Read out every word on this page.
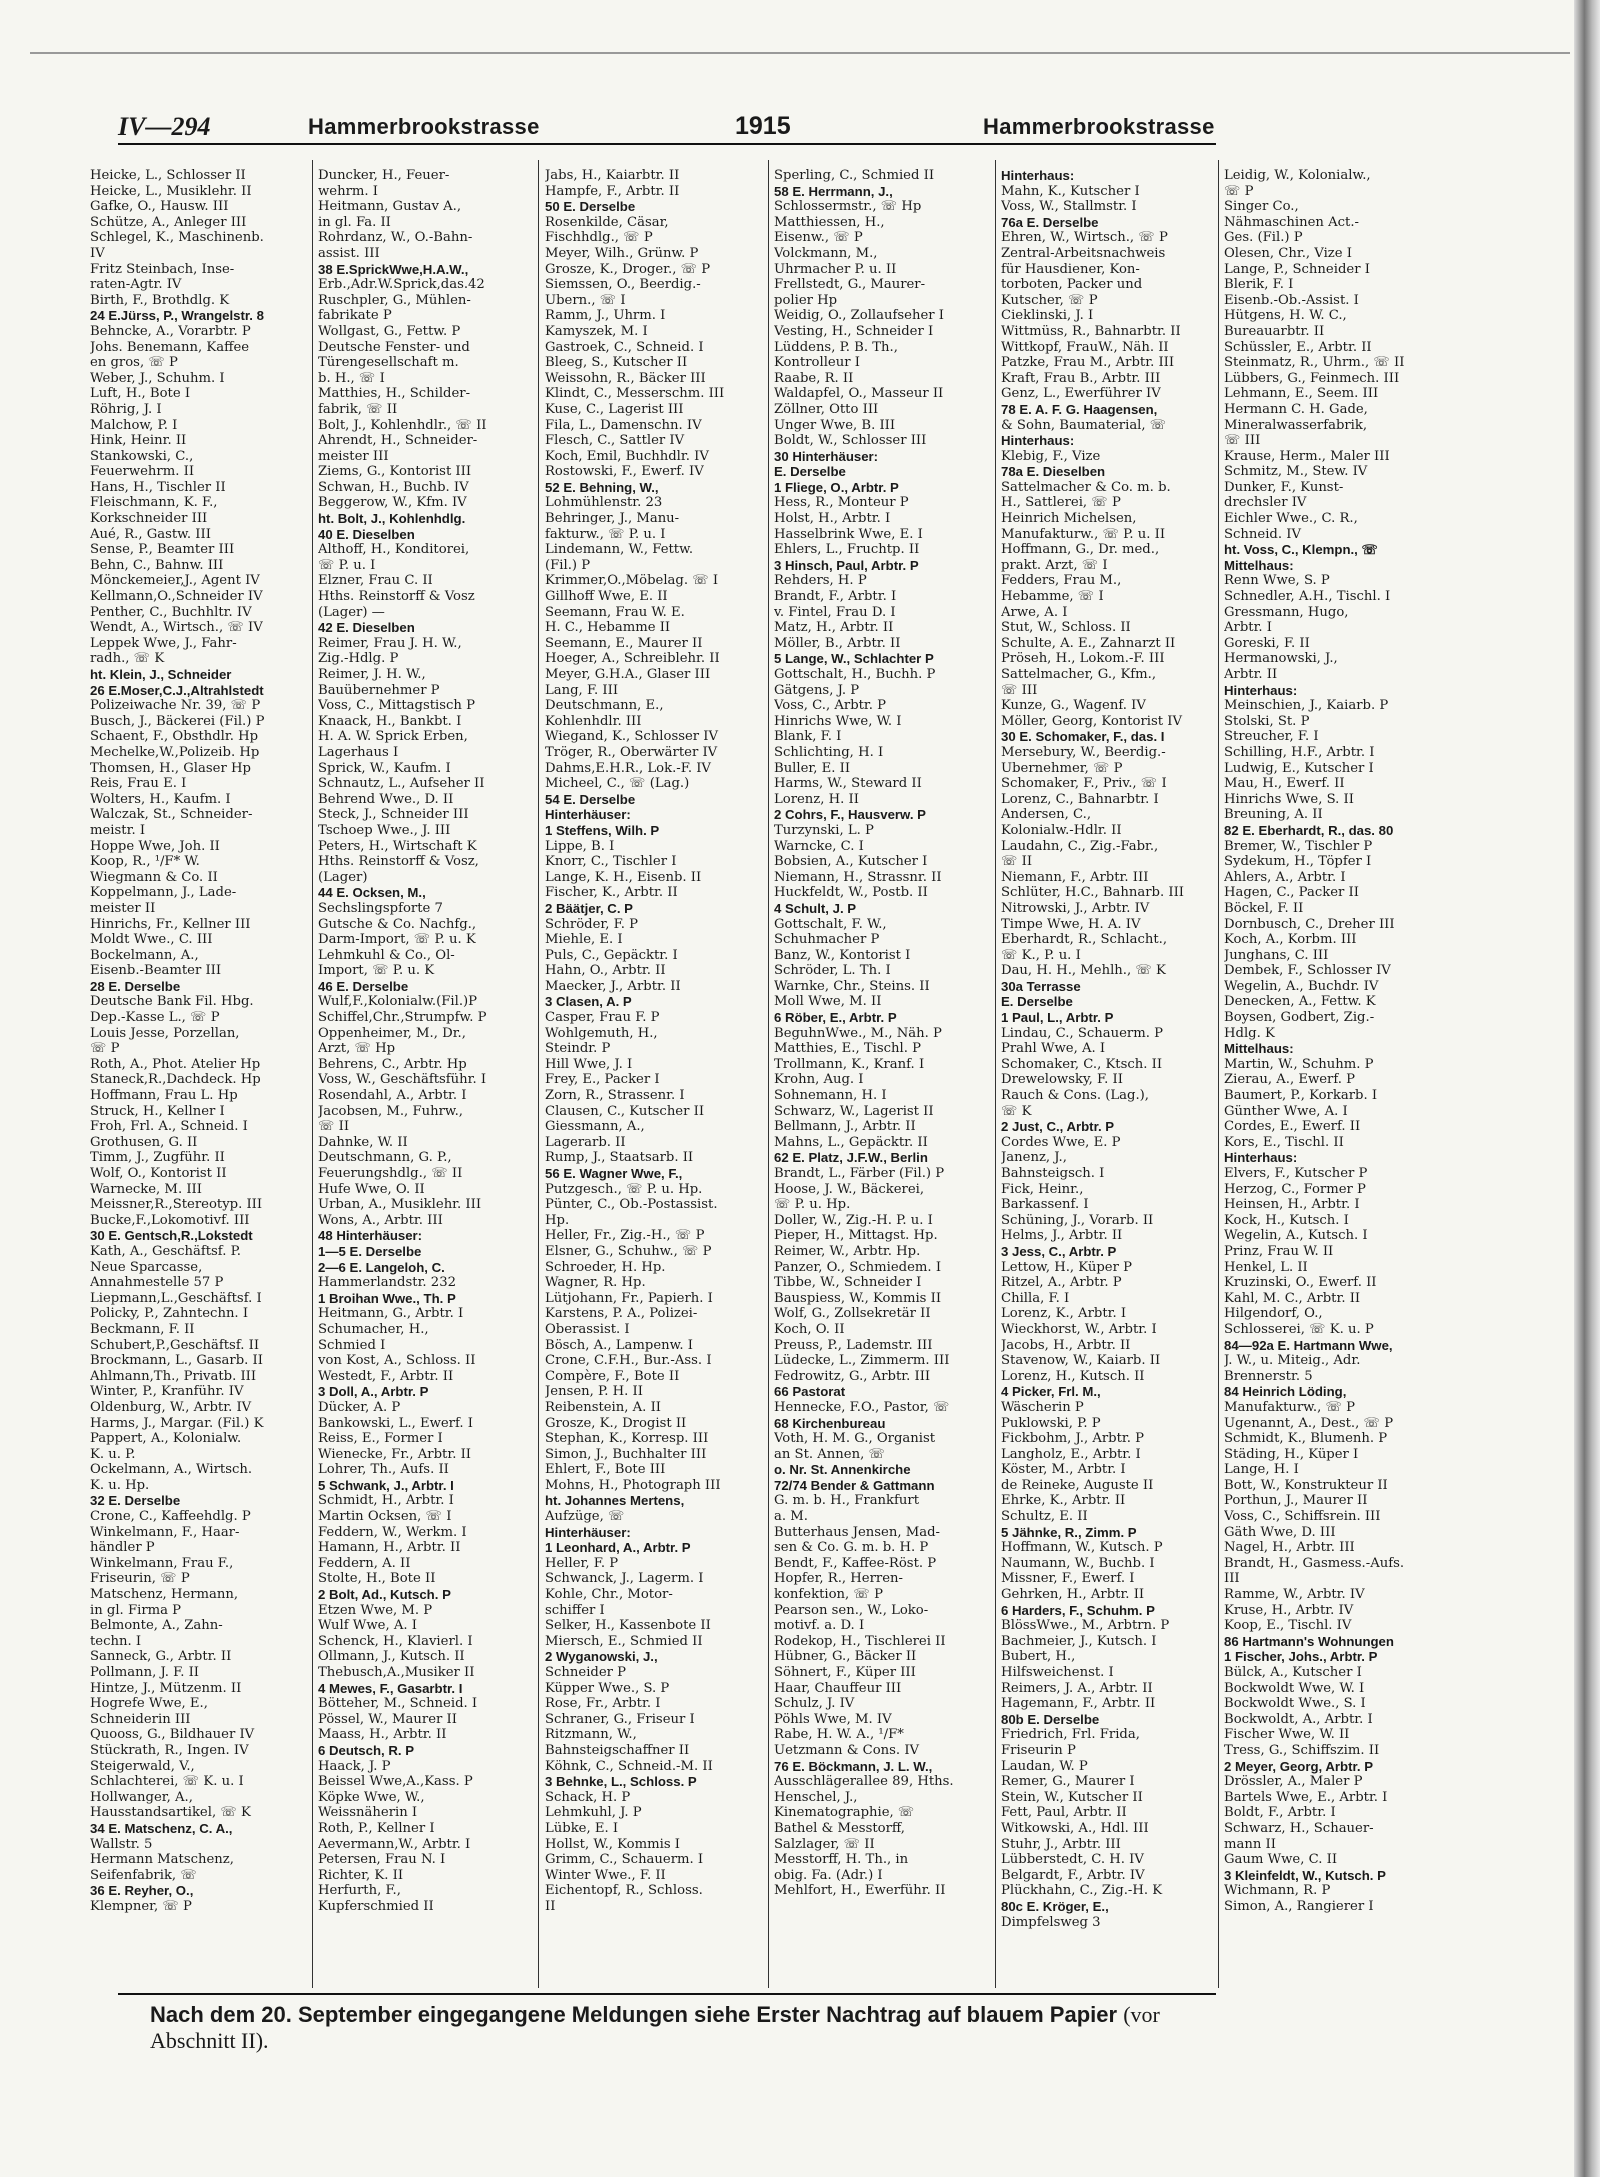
IV—294	Hammerbrookstrasse	1915	Hammerbrookstrasse
Heicke, L., Schlosser II
Heicke, L., Musiklehr. II
Gafke, O., Hausw. III
Schütze, A., Anleger III
Schlegel, K., Maschinenb.
IV
Fritz Steinbach, Inse-
raten-Agtr. IV
Birth, F., Brothdlg. K
24 E.Jürss, P., Wrangelstr. 8
Behncke, A., Vorarbtr. P
Johs. Benemann, Kaffee
en gros, ☏ P
Weber, J., Schuhm. I
Luft, H., Bote I
Röhrig, J. I
Malchow, P. I
Hink, Heinr. II
Stankowski, C.,
Feuerwehrm. II
Hans, H., Tischler II
Fleischmann, K. F.,
Korkschneider III
Aué, R., Gastw. III
Sense, P., Beamter III
Behn, C., Bahnw. III
Mönckemeier,J., Agent IV
Kellmann,O.,Schneider IV
Penther, C., Buchhltr. IV
Wendt, A., Wirtsch., ☏ IV
Leppek Wwe, J., Fahr-
radh., ☏ K
ht. Klein, J., Schneider
26 E.Moser,C.J.,Altrahlstedt
Polizeiwache Nr. 39, ☏ P
Busch, J., Bäckerei (Fil.) P
Schaent, F., Obsthdlr. Hp
Mechelke,W.,Polizeib. Hp
Thomsen, H., Glaser Hp
Reis, Frau E. I
Wolters, H., Kaufm. I
Walczak, St., Schneider-
meistr. I
Hoppe Wwe, Joh. II
Koop, R., ¹/F* W.
Wiegmann & Co. II
Koppelmann, J., Lade-
meister II
Hinrichs, Fr., Kellner III
Moldt Wwe., C. III
Bockelmann, A.,
Eisenb.-Beamter III
28 E. Derselbe
Deutsche Bank Fil. Hbg.
Dep.-Kasse L., ☏ P
Louis Jesse, Porzellan,
☏ P
Roth, A., Phot. Atelier Hp
Staneck,R.,Dachdeck. Hp
Hoffmann, Frau L. Hp
Struck, H., Kellner I
Froh, Frl. A., Schneid. I
Grothusen, G. II
Timm, J., Zugführ. II
Wolf, O., Kontorist II
Warnecke, M. III
Meissner,R.,Stereotyp. III
Bucke,F.,Lokomotivf. III
30 E. Gentsch,R.,Lokstedt
Kath, A., Geschäftsf. P.
Neue Sparcasse,
Annahmestelle 57 P
Liepmann,L.,Geschäftsf. I
Policky, P., Zahntechn. I
Beckmann, F. II
Schubert,P.,Geschäftsf. II
Brockmann, L., Gasarb. II
Ahlmann,Th., Privatb. III
Winter, P., Kranführ. IV
Oldenburg, W., Arbtr. IV
Harms, J., Margar. (Fil.) K
Pappert, A., Kolonialw.
K. u. P.
Ockelmann, A., Wirtsch.
K. u. Hp.
32 E. Derselbe
Crone, C., Kaffeehdlg. P
Winkelmann, F., Haar-
händler P
Winkelmann, Frau F.,
Friseurin, ☏ P
Matschenz, Hermann,
in gl. Firma P
Belmonte, A., Zahn-
techn. I
Sanneck, G., Arbtr. II
Pollmann, J. F. II
Hintze, J., Mützenm. II
Hogrefe Wwe, E.,
Schneiderin III
Quooss, G., Bildhauer IV
Stückrath, R., Ingen. IV
Steigerwald, V.,
Schlachterei, ☏ K. u. I
Hollwanger, A.,
Hausstandsartikel, ☏ K
34 E. Matschenz, C. A.,
Wallstr. 5
Hermann Matschenz,
Seifenfabrik, ☏
36 E. Reyher, O.,
Klempner, ☏ P
Duncker, H., Feuer-
wehrm. I
Heitmann, Gustav A.,
in gl. Fa. II
Rohrdanz, W., O.-Bahn-
assist. III
38 E.SprickWwe,H.A.W.,
Erb.,Adr.W.Sprick,das.42
Ruschpler, G., Mühlen-
fabrikate P
Wollgast, G., Fettw. P
Deutsche Fenster- und
Türengesellschaft m.
b. H., ☏ I
Matthies, H., Schilder-
fabrik, ☏ II
Bolt, J., Kohlenhdlr., ☏ II
Ahrendt, H., Schneider-
meister III
Ziems, G., Kontorist III
Schwan, H., Buchb. IV
Beggerow, W., Kfm. IV
ht. Bolt, J., Kohlenhdlg.
40 E. Dieselben
Althoff, H., Konditorei,
☏ P. u. I
Elzner, Frau C. II
Hths. Reinstorff & Vosz
(Lager) —
42 E. Dieselben
Reimer, Frau J. H. W.,
Zig.-Hdlg. P
Reimer, J. H. W.,
Bauübernehmer P
Voss, C., Mittagstisch P
Knaack, H., Bankbt. I
H. A. W. Sprick Erben,
Lagerhaus I
Sprick, W., Kaufm. I
Schnautz, L., Aufseher II
Behrend Wwe., D. II
Steck, J., Schneider III
Tschoep Wwe., J. III
Peters, H., Wirtschaft K
Hths. Reinstorff & Vosz,
(Lager)
44 E. Ocksen, M.,
Sechslingspforte 7
Gutsche & Co. Nachfg.,
Darm-Import, ☏ P. u. K
Lehmkuhl & Co., Öl-
Import, ☏ P. u. K
46 E. Derselbe
Wulf,F.,Kolonialw.(Fil.)P
Schiffel,Chr.,Strumpfw. P
Oppenheimer, M., Dr.,
Arzt, ☏ Hp
Behrens, C., Arbtr. Hp
Voss, W., Geschäftsführ. I
Rosendahl, A., Arbtr. I
Jacobsen, M., Fuhrw.,
☏ II
Dahnke, W. II
Deutschmann, G. P.,
Feuerungshdlg., ☏ II
Hufe Wwe, O. II
Urban, A., Musiklehr. III
Wons, A., Arbtr. III
48 Hinterhäuser:
1—5 E. Derselbe
2—6 E. Langeloh, C.
Hammerlandstr. 232
1 Broihan Wwe., Th. P
Heitmann, G., Arbtr. I
Schumacher, H.,
Schmied I
von Kost, A., Schloss. II
Westedt, F., Arbtr. II
3 Doll, A., Arbtr. P
Dücker, A. P
Bankowski, L., Ewerf. I
Reiss, E., Former I
Wienecke, Fr., Arbtr. II
Lohrer, Th., Aufs. II
5 Schwank, J., Arbtr. I
Schmidt, H., Arbtr. I
Martin Ocksen, ☏ I
Feddern, W., Werkm. I
Hamann, H., Arbtr. II
Feddern, A. II
Stolte, H., Bote II
2 Bolt, Ad., Kutsch. P
Etzen Wwe, M. P
Wulf Wwe, A. I
Schenck, H., Klavierl. I
Ollmann, J., Kutsch. II
Thebusch,A.,Musiker II
4 Mewes, F., Gasarbtr. I
Bötteher, M., Schneid. I
Pössel, W., Maurer II
Maass, H., Arbtr. II
6 Deutsch, R. P
Haack, J. P
Beissel Wwe,A.,Kass. P
Köpke Wwe, W.,
Weissnäherin I
Roth, P., Kellner I
Aevermann,W., Arbtr. I
Petersen, Frau N. I
Richter, K. II
Herfurth, F.,
Kupferschmied II
Jabs, H., Kaiarbtr. II
Hampfe, F., Arbtr. II
50 E. Derselbe
Rosenkilde, Cäsar,
Fischhdlg., ☏ P
Meyer, Wilh., Grünw. P
Grosze, K., Droger., ☏ P
Siemssen, O., Beerdig.-
Übern., ☏ I
Ramm, J., Uhrm. I
Kamyszek, M. I
Gastroek, C., Schneid. I
Bleeg, S., Kutscher II
Weissohn, R., Bäcker III
Klindt, C., Messerschm. III
Kuse, C., Lagerist III
Fila, L., Damenschn. IV
Flesch, C., Sattler IV
Koch, Emil, Buchhdlr. IV
Rostowski, F., Ewerf. IV
52 E. Behning, W.,
Lohmühlenstr. 23
Behringer, J., Manu-
fakturw., ☏ P. u. I
Lindemann, W., Fettw.
(Fil.) P
Krimmer,O.,Möbelag. ☏ I
Gillhoff Wwe, E. II
Seemann, Frau W. E.
H. C., Hebamme II
Seemann, E., Maurer II
Hoeger, A., Schreiblehr. II
Meyer, G.H.A., Glaser III
Lang, F. III
Deutschmann, E.,
Kohlenhdlr. III
Wiegand, K., Schlosser IV
Tröger, R., Oberwärter IV
Dahms,E.H.R., Lok.-F. IV
Micheel, C., ☏ (Lag.)
54 E. Derselbe
Hinterhäuser:
1 Steffens, Wilh. P
Lippe, B. I
Knorr, C., Tischler I
Lange, K. H., Eisenb. II
Fischer, K., Arbtr. II
2 Bäätjer, C. P
Schröder, F. P
Miehle, E. I
Puls, C., Gepäcktr. I
Hahn, O., Arbtr. II
Maecker, J., Arbtr. II
3 Clasen, A. P
Casper, Frau F. P
Wohlgemuth, H.,
Steindr. P
Hill Wwe, J. I
Frey, E., Packer I
Zorn, R., Strassenr. I
Clausen, C., Kutscher II
Giessmann, A.,
Lagerarb. II
Rump, J., Staatsarb. II
56 E. Wagner Wwe, F.,
Putzgesch., ☏ P. u. Hp.
Pünter, C., Ob.-Postassist.
Hp.
Heller, Fr., Zig.-H., ☏ P
Elsner, G., Schuhw., ☏ P
Schroeder, H. Hp.
Wagner, R. Hp.
Lütjohann, Fr., Papierh. I
Karstens, P. A., Polizei-
Oberassist. I
Bösch, A., Lampenw. I
Crone, C.F.H., Bur.-Ass. I
Compère, F., Bote II
Jensen, P. H. II
Reibenstein, A. II
Grosze, K., Drogist II
Stephan, K., Korresp. III
Simon, J., Buchhalter III
Ehlert, F., Bote III
Mohns, H., Photograph III
ht. Johannes Mertens,
Aufzüge, ☏
Hinterhäuser:
1 Leonhard, A., Arbtr. P
Heller, F. P
Schwanck, J., Lagerm. I
Kohle, Chr., Motor-
schiffer I
Selker, H., Kassenbote II
Miersch, E., Schmied II
2 Wyganowski, J.,
Schneider P
Küpper Wwe., S. P
Rose, Fr., Arbtr. I
Schraner, G., Friseur I
Ritzmann, W.,
Bahnsteigschaffner II
Köhnk, C., Schneid.-M. II
3 Behnke, L., Schloss. P
Schack, H. P
Lehmkuhl, J. P
Lübke, E. I
Hollst, W., Kommis I
Grimm, C., Schauerm. I
Winter Wwe., F. II
Eichentopf, R., Schloss.
II
Sperling, C., Schmied II
58 E. Herrmann, J.,
Schlossermstr., ☏ Hp
Matthiessen, H.,
Eisenw., ☏ P
Volckmann, M.,
Uhrmacher P. u. II
Frellstedt, G., Maurer-
polier Hp
Weidig, O., Zollaufseher I
Vesting, H., Schneider I
Lüddens, P. B. Th.,
Kontrolleur I
Raabe, R. II
Waldapfel, O., Masseur II
Zöllner, Otto III
Unger Wwe, B. III
Boldt, W., Schlosser III
30 Hinterhäuser:
E. Derselbe
1 Fliege, O., Arbtr. P
Hess, R., Monteur P
Holst, H., Arbtr. I
Hasselbrink Wwe, E. I
Ehlers, L., Fruchtp. II
3 Hinsch, Paul, Arbtr. P
Rehders, H. P
Brandt, F., Arbtr. I
v. Fintel, Frau D. I
Matz, H., Arbtr. II
Möller, B., Arbtr. II
5 Lange, W., Schlachter P
Gottschalt, H., Buchh. P
Gätgens, J. P
Voss, C., Arbtr. P
Hinrichs Wwe, W. I
Blank, F. I
Schlichting, H. I
Buller, E. II
Harms, W., Steward II
Lorenz, H. II
2 Cohrs, F., Hausverw. P
Turzynski, L. P
Warncke, C. I
Bobsien, A., Kutscher I
Niemann, H., Strassnr. II
Huckfeldt, W., Postb. II
4 Schult, J. P
Gottschalt, F. W.,
Schuhmacher P
Banz, W., Kontorist I
Schröder, L. Th. I
Warnke, Chr., Steins. II
Moll Wwe, M. II
6 Röber, E., Arbtr. P
BeguhnWwe., M., Näh. P
Matthies, E., Tischl. P
Trollmann, K., Kranf. I
Krohn, Aug. I
Sohnemann, H. I
Schwarz, W., Lagerist II
Bellmann, J., Arbtr. II
Mahns, L., Gepäcktr. II
62 E. Platz, J.F.W., Berlin
Brandt, L., Färber (Fil.) P
Hoose, J. W., Bäckerei,
☏ P. u. Hp.
Doller, W., Zig.-H. P. u. I
Pieper, H., Mittagst. Hp.
Reimer, W., Arbtr. Hp.
Panzer, O., Schmiedem. I
Tibbe, W., Schneider I
Bauspiess, W., Kommis II
Wolf, G., Zollsekretär II
Koch, O. II
Preuss, P., Lademstr. III
Lüdecke, L., Zimmerm. III
Fedrowitz, G., Arbtr. III
66 Pastorat
Hennecke, F.O., Pastor, ☏
68 Kirchenbureau
Voth, H. M. G., Organist
an St. Annen, ☏
o. Nr. St. Annenkirche
72/74 Bender & Gattmann
G. m. b. H., Frankfurt
a. M.
Butterhaus Jensen, Mad-
sen & Co. G. m. b. H. P
Bendt, F., Kaffee-Röst. P
Hopfer, R., Herren-
konfektion, ☏ P
Pearson sen., W., Loko-
motivf. a. D. I
Rodekop, H., Tischlerei II
Hübner, G., Bäcker II
Söhnert, F., Küper III
Haar, Chauffeur III
Schulz, J. IV
Pöhls Wwe, M. IV
Rabe, H. W. A., ¹/F*
Uetzmann & Cons. IV
76 E. Böckmann, J. L. W.,
Ausschlägerallee 89, Hths.
Henschel, J.,
Kinematographie, ☏
Bathel & Messtorff,
Salzlager, ☏ II
Messtorff, H. Th., in
obig. Fa. (Adr.) I
Mehlfort, H., Ewerführ. II
Hinterhaus:
Mahn, K., Kutscher I
Voss, W., Stallmstr. I
76a E. Derselbe
Ehren, W., Wirtsch., ☏ P
Zentral-Arbeitsnachweis
für Hausdiener, Kon-
torboten, Packer und
Kutscher, ☏ P
Cieklinski, J. I
Wittmüss, R., Bahnarbtr. II
Wittkopf, FrauW., Näh. II
Patzke, Frau M., Arbtr. III
Kraft, Frau B., Arbtr. III
Genz, L., Ewerführer IV
78 E. A. F. G. Haagensen,
& Sohn, Baumaterial, ☏
Hinterhaus:
Klebig, F., Vize
78a E. Dieselben
Sattelmacher & Co. m. b.
H., Sattlerei, ☏ P
Heinrich Michelsen,
Manufakturw., ☏ P. u. II
Hoffmann, G., Dr. med.,
prakt. Arzt, ☏ I
Fedders, Frau M.,
Hebamme, ☏ I
Arwe, A. I
Stut, W., Schloss. II
Schulte, A. E., Zahnarzt II
Pröseh, H., Lokom.-F. III
Sattelmacher, G., Kfm.,
☏ III
Kunze, G., Wagenf. IV
Möller, Georg, Kontorist IV
30 E. Schomaker, F., das. I
Mersebury, W., Beerdig.-
Übernehmer, ☏ P
Schomaker, F., Priv., ☏ I
Lorenz, C., Bahnarbtr. I
Andersen, C.,
Kolonialw.-Hdlr. II
Laudahn, C., Zig.-Fabr.,
☏ II
Niemann, F., Arbtr. III
Schlüter, H.C., Bahnarb. III
Nitrowski, J., Arbtr. IV
Timpe Wwe, H. A. IV
Eberhardt, R., Schlacht.,
☏ K., P. u. I
Dau, H. H., Mehlh., ☏ K
30a Terrasse
E. Derselbe
1 Paul, L., Arbtr. P
Lindau, C., Schauerm. P
Prahl Wwe, A. I
Schomaker, C., Ktsch. II
Drewelowsky, F. II
Rauch & Cons. (Lag.),
☏ K
2 Just, C., Arbtr. P
Cordes Wwe, E. P
Janenz, J.,
Bahnsteigsch. I
Fick, Heinr.,
Barkassenf. I
Schüning, J., Vorarb. II
Helms, J., Arbtr. II
3 Jess, C., Arbtr. P
Lettow, H., Küper P
Ritzel, A., Arbtr. P
Chilla, F. I
Lorenz, K., Arbtr. I
Wieckhorst, W., Arbtr. I
Jacobs, H., Arbtr. II
Stavenow, W., Kaiarb. II
Lorenz, H., Kutsch. II
4 Picker, Frl. M.,
Wäscherin P
Puklowski, P. P
Fickbohm, J., Arbtr. P
Langholz, E., Arbtr. I
Köster, M., Arbtr. I
de Reineke, Auguste II
Ehrke, K., Arbtr. II
Schultz, E. II
5 Jähnke, R., Zimm. P
Hoffmann, W., Kutsch. P
Naumann, W., Buchb. I
Missner, F., Ewerf. I
Gehrken, H., Arbtr. II
6 Harders, F., Schuhm. P
BlössWwe., M., Arbtrn. P
Bachmeier, J., Kutsch. I
Bubert, H.,
Hilfsweichenst. I
Reimers, J. A., Arbtr. II
Hagemann, F., Arbtr. II
80b E. Derselbe
Friedrich, Frl. Frida,
Friseurin P
Laudan, W. P
Remer, G., Maurer I
Stein, W., Kutscher II
Fett, Paul, Arbtr. II
Witkowski, A., Hdl. III
Stuhr, J., Arbtr. III
Lübberstedt, C. H. IV
Belgardt, F., Arbtr. IV
Plückhahn, C., Zig.-H. K
80c E. Kröger, E.,
Dimpfelsweg 3
Leidig, W., Kolonialw.,
☏ P
Singer Co.,
Nähmaschinen Act.-
Ges. (Fil.) P
Olesen, Chr., Vize I
Lange, P., Schneider I
Blerik, F. I
Eisenb.-Ob.-Assist. I
Hütgens, H. W. C.,
Bureauarbtr. II
Schüssler, E., Arbtr. II
Steinmatz, R., Uhrm., ☏ II
Lübbers, G., Feinmech. III
Lehmann, E., Seem. III
Hermann C. H. Gade,
Mineralwasserfabrik,
☏ III
Krause, Herm., Maler III
Schmitz, M., Stew. IV
Dunker, F., Kunst-
drechsler IV
Eichler Wwe., C. R.,
Schneid. IV
ht. Voss, C., Klempn., ☏
Mittelhaus:
Renn Wwe, S. P
Schnedler, A.H., Tischl. I
Gressmann, Hugo,
Arbtr. I
Goreski, F. II
Hermanowski, J.,
Arbtr. II
Hinterhaus:
Meinschien, J., Kaiarb. P
Stolski, St. P
Streucher, F. I
Schilling, H.F., Arbtr. I
Ludwig, E., Kutscher I
Mau, H., Ewerf. II
Hinrichs Wwe, S. II
Breuning, A. II
82 E. Eberhardt, R., das. 80
Bremer, W., Tischler P
Sydekum, H., Töpfer I
Ahlers, A., Arbtr. I
Hagen, C., Packer II
Böckel, F. II
Dornbusch, C., Dreher III
Koch, A., Korbm. III
Junghans, C. III
Dembek, F., Schlosser IV
Wegelin, A., Buchdr. IV
Denecken, A., Fettw. K
Boysen, Godbert, Zig.-
Hdlg. K
Mittelhaus:
Martin, W., Schuhm. P
Zierau, A., Ewerf. P
Baumert, P., Korkarb. I
Günther Wwe, A. I
Cordes, E., Ewerf. II
Kors, E., Tischl. II
Hinterhaus:
Elvers, F., Kutscher P
Herzog, C., Former P
Heinsen, H., Arbtr. I
Kock, H., Kutsch. I
Wegelin, A., Kutsch. I
Prinz, Frau W. II
Henkel, L. II
Kruzinski, O., Ewerf. II
Kahl, M. C., Arbtr. II
Hilgendorf, O.,
Schlosserei, ☏ K. u. P
84—92a E. Hartmann Wwe,
J. W., u. Miteig., Adr.
Brennerstr. 5
84 Heinrich Löding,
Manufakturw., ☏ P
Ugenannt, A., Dest., ☏ P
Schmidt, K., Blumenh. P
Städing, H., Küper I
Lange, H. I
Bott, W., Konstrukteur II
Porthun, J., Maurer II
Voss, C., Schiffsrein. III
Gäth Wwe, D. III
Nagel, H., Arbtr. III
Brandt, H., Gasmess.-Aufs.
III
Ramme, W., Arbtr. IV
Kruse, H., Arbtr. IV
Koop, E., Tischl. IV
86 Hartmann's Wohnungen
1 Fischer, Johs., Arbtr. P
Bülck, A., Kutscher I
Bockwoldt Wwe, W. I
Bockwoldt Wwe., S. I
Bockwoldt, A., Arbtr. I
Fischer Wwe, W. II
Tress, G., Schiffszim. II
2 Meyer, Georg, Arbtr. P
Drössler, A., Maler P
Bartels Wwe, E., Arbtr. I
Boldt, F., Arbtr. I
Schwarz, H., Schauer-
mann II
Gaum Wwe, C. II
3 Kleinfeldt, W., Kutsch. P
Wichmann, R. P
Simon, A., Rangierer I
Nach dem 20. September eingegangene Meldungen siehe Erster Nachtrag auf blauem Papier (vor Abschnitt II).
